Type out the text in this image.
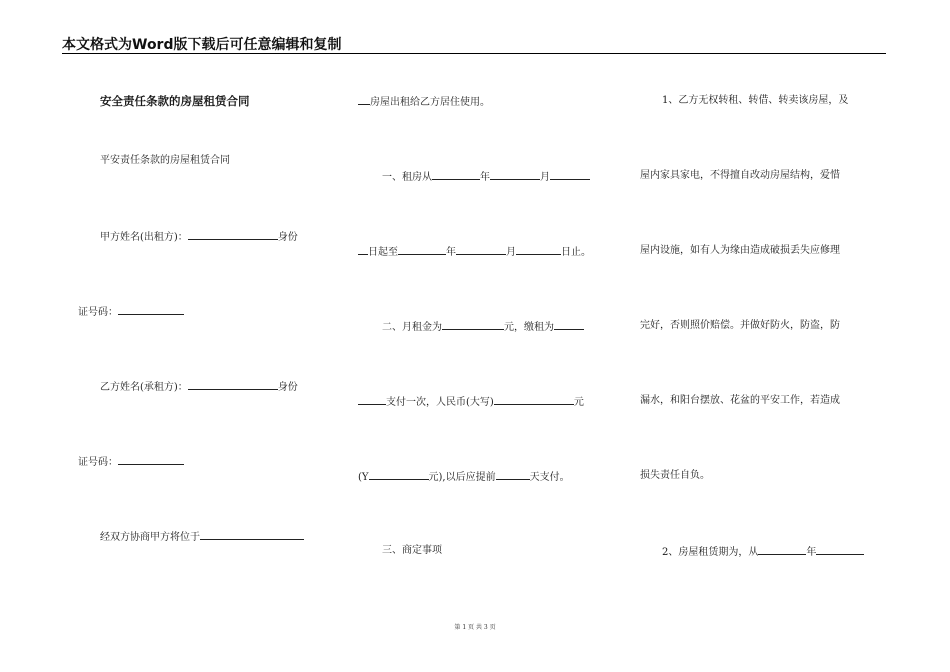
本文格式为Word版下载后可任意编辑和复制
安全责任条款的房屋租赁合同
平安责任条款的房屋租赁合同
甲方姓名(出租方)：	身份
证号码：
乙方姓名(承租方)：	身份
证号码：
经双方协商甲方将位于
房屋出租给乙方居住使用。
一、租房从	年	月
日起至	年	月	日止。
二、月租金为	元，缴租为
支付一次，人民币(大写)	元
(Y	元),以后应提前	天支付。
三、商定事项
1、乙方无权转租、转借、转卖该房屋，及
屋内家具家电，不得擅自改动房屋结构，爱惜
屋内设施，如有人为缘由造成破损丢失应修理
完好，否则照价赔偿。并做好防火，防盗，防
漏水，和阳台摆放、花盆的平安工作，若造成
损失责任自负。
2、房屋租赁期为，从	年
第 1 页 共 3 页
